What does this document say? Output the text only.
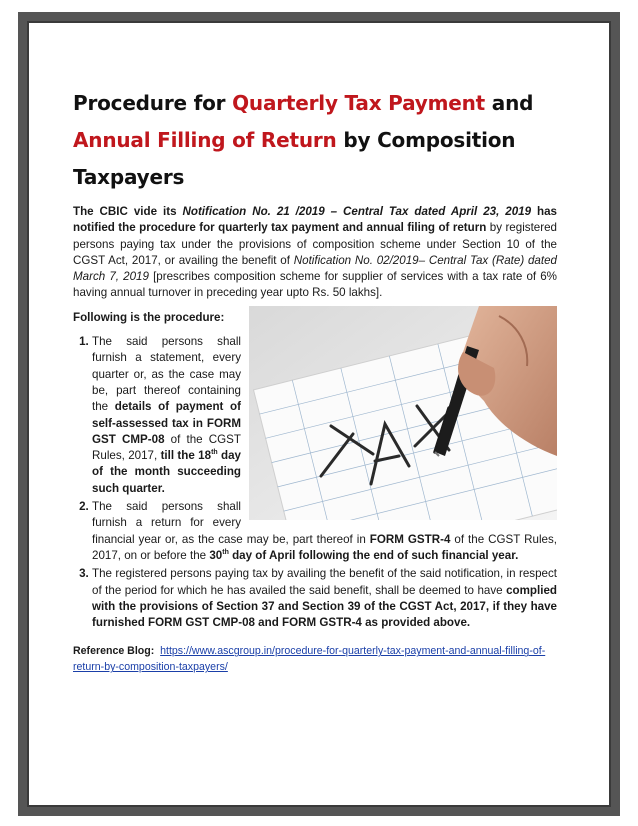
Procedure for Quarterly Tax Payment and Annual Filling of Return by Composition Taxpayers

The CBIC vide its Notification No. 21 /2019 – Central Tax dated April 23, 2019 has notified the procedure for quarterly tax payment and annual filing of return by registered persons paying tax under the provisions of composition scheme under Section 10 of the CGST Act, 2017, or availing the benefit of Notification No. 02/2019– Central Tax (Rate) dated March 7, 2019 [prescribes composition scheme for supplier of services with a tax rate of 6% having annual turnover in preceding year upto Rs. 50 lakhs].

Following is the procedure:

1. The said persons shall furnish a statement, every quarter or, as the case may be, part thereof containing the details of payment of self-assessed tax in FORM GST CMP-08 of the CGST Rules, 2017, till the 18th day of the month succeeding such quarter.
2. The said persons shall furnish a return for every financial year or, as the case may be, part thereof in FORM GSTR-4 of the CGST Rules, 2017, on or before the 30th day of April following the end of such financial year.
3. The registered persons paying tax by availing the benefit of the said notification, in respect of the period for which he has availed the said benefit, shall be deemed to have complied with the provisions of Section 37 and Section 39 of the CGST Act, 2017, if they have furnished FORM GST CMP-08 and FORM GSTR-4 as provided above.

Reference Blog: https://www.ascgroup.in/procedure-for-quarterly-tax-payment-and-annual-filling-of-return-by-composition-taxpayers/
